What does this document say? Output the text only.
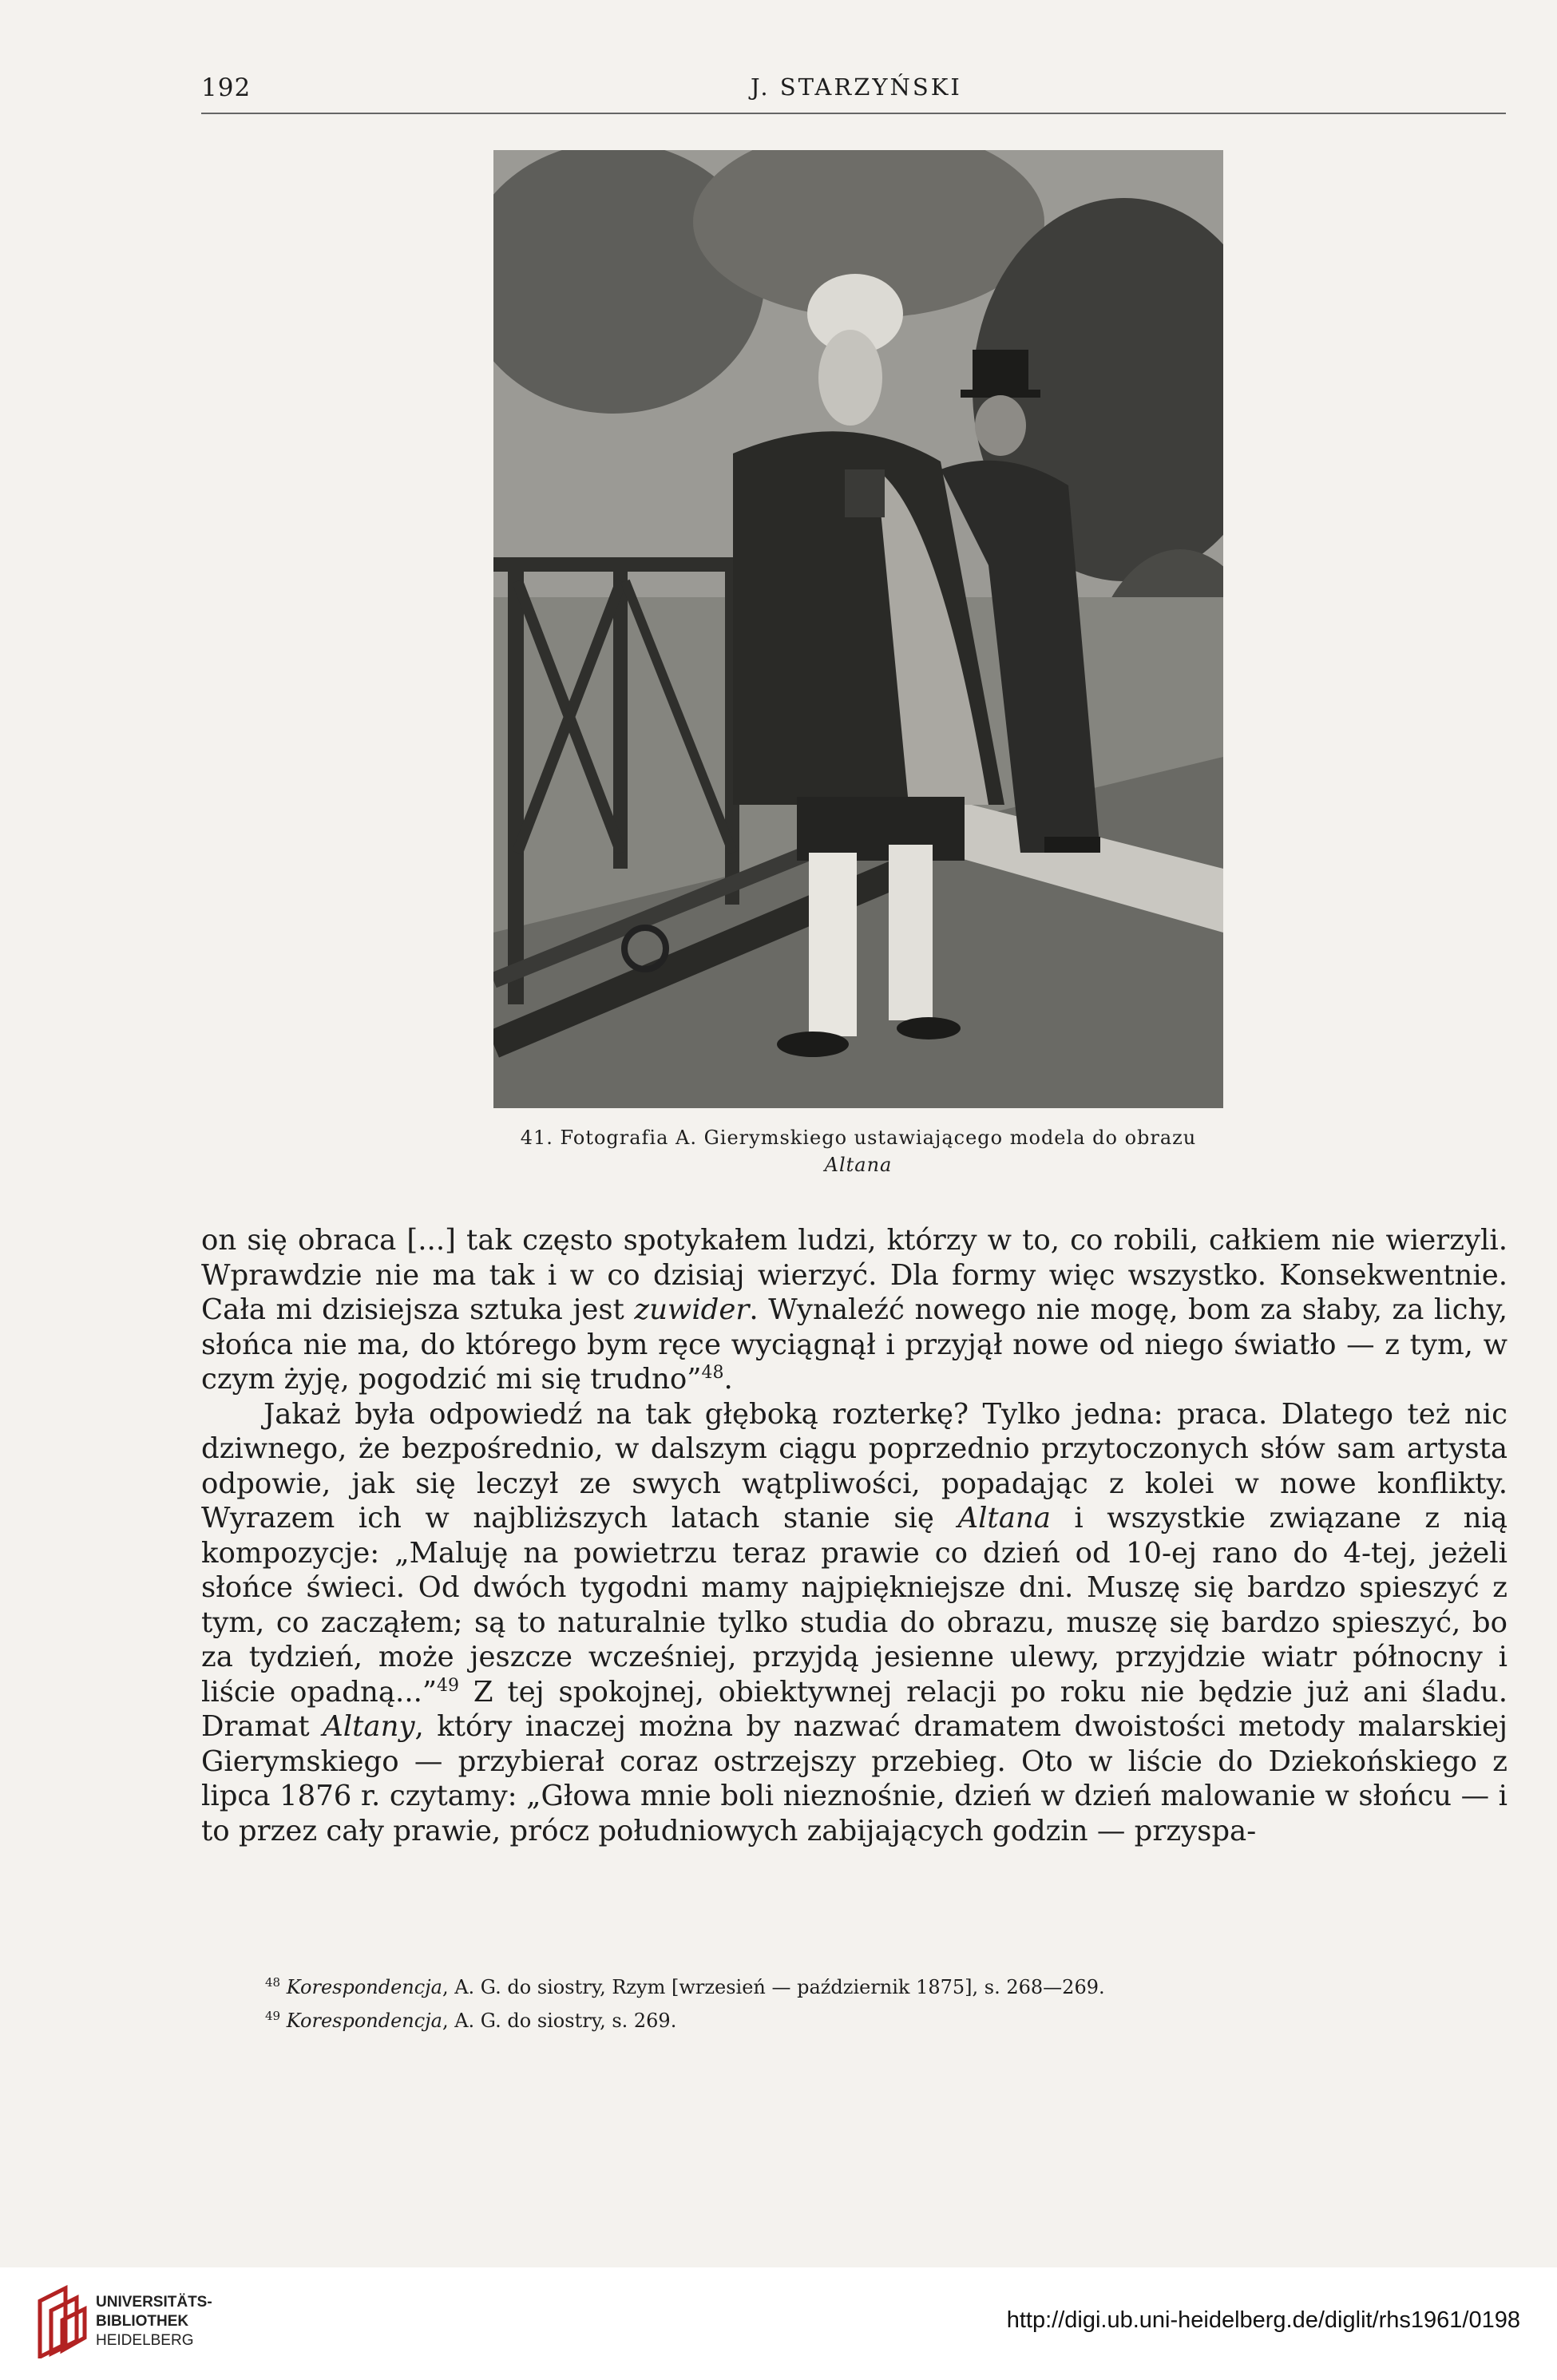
192	J. STARZYŃSKI
41. Fotografia A. Gierymskiego ustawiającego modela do obrazu
Altana

on się obraca [...] tak często spotykałem ludzi, którzy w to, co robili, całkiem nie wierzyli. Wprawdzie nie ma tak i w co dzisiaj wierzyć. Dla formy więc wszystko. Konsekwentnie. Cała mi dzisiejsza sztuka jest zuwider. Wynaleźć nowego nie mogę, bom za słaby, za lichy, słońca nie ma, do którego bym ręce wyciągnął i przyjął nowe od niego światło — z tym, w czym żyję, pogodzić mi się trudno”$^{48}$.

Jakaż była odpowiedź na tak głęboką rozterkę? Tylko jedna: praca. Dlatego też nic dziwnego, że bezpośrednio, w dalszym ciągu poprzednio przytoczonych słów sam artysta odpowie, jak się leczył ze swych wątpliwości, popadając z kolei w nowe konflikty. Wyrazem ich w najbliższych latach stanie się Altana i wszystkie związane z nią kompozycje: „Maluję na powietrzu teraz prawie co dzień od 10-ej rano do 4-tej, jeżeli słońce świeci. Od dwóch tygodni mamy najpiękniejsze dni. Muszę się bardzo spieszyć z tym, co zacząłem; są to naturalnie tylko studia do obrazu, muszę się bardzo spieszyć, bo za tydzień, może jeszcze wcześniej, przyjdą jesienne ulewy, przyjdzie wiatr północny i liście opadną...”$^{49}$ Z tej spokojnej, obiektywnej relacji po roku nie będzie już ani śladu. Dramat Altany, który inaczej można by nazwać dramatem dwoistości metody malarskiej Gierymskiego — przybierał coraz ostrzejszy przebieg. Oto w liście do Dziekońskiego z lipca 1876 r. czytamy: „Głowa mnie boli nieznośnie, dzień w dzień malowanie w słońcu — i to przez cały prawie, prócz południowych zabijających godzin — przyspa-

$^{48}$ Korespondencja, A. G. do siostry, Rzym [wrzesień — październik 1875], s. 268—269.
$^{49}$ Korespondencja, A. G. do siostry, s. 269.
UNIVERSITÄTS-
BIBLIOTHEK
HEIDELBERG
http://digi.ub.uni-heidelberg.de/diglit/rhs1961/0198
